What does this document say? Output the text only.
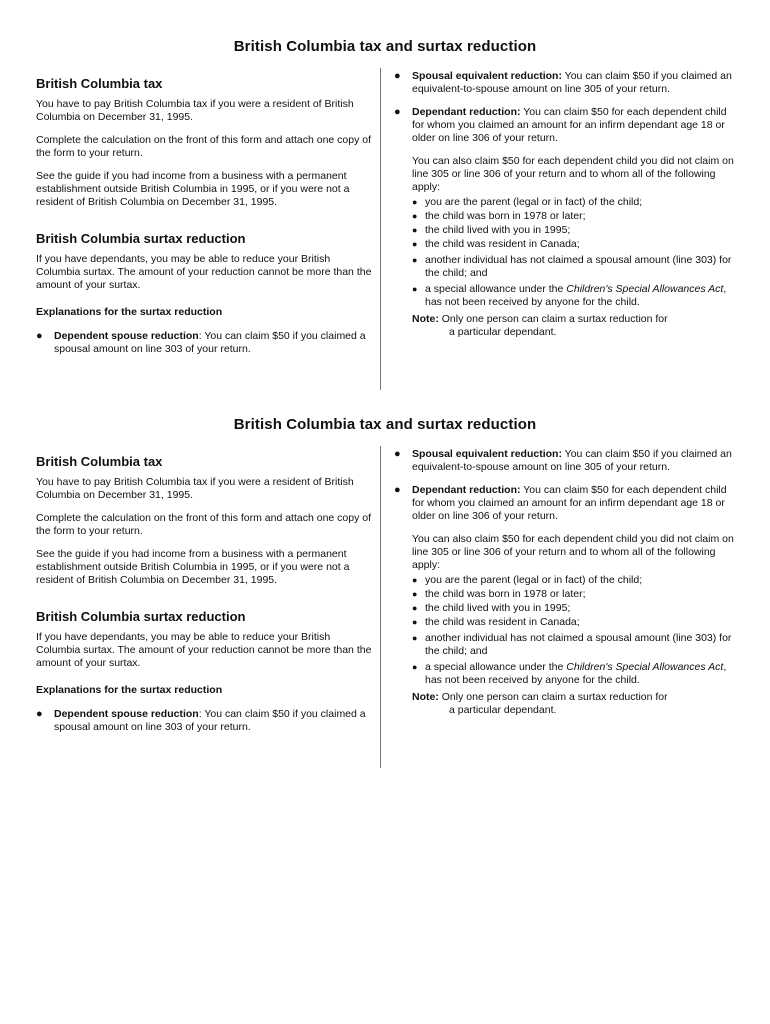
British Columbia tax and surtax reduction
British Columbia tax
You have to pay British Columbia tax if you were a resident of British Columbia on December 31, 1995.
Complete the calculation on the front of this form and attach one copy of the form to your return.
See the guide if you had income from a business with a permanent establishment outside British Columbia in 1995, or if you were not a resident of British Columbia on December 31, 1995.
British Columbia surtax reduction
If you have dependants, you may be able to reduce your British Columbia surtax. The amount of your reduction cannot be more than the amount of your surtax.
Explanations for the surtax reduction
● Dependent spouse reduction: You can claim $50 if you claimed a spousal amount on line 303 of your return.
● Spousal equivalent reduction: You can claim $50 if you claimed an equivalent-to-spouse amount on line 305 of your return.
● Dependant reduction: You can claim $50 for each dependent child for whom you claimed an amount for an infirm dependant age 18 or older on line 306 of your return.
You can also claim $50 for each dependent child you did not claim on line 305 or line 306 of your return and to whom all of the following apply:
● you are the parent (legal or in fact) of the child;
● the child was born in 1978 or later;
● the child lived with you in 1995;
● the child was resident in Canada;
● another individual has not claimed a spousal amount (line 303) for the child; and
● a special allowance under the Children's Special Allowances Act, has not been received by anyone for the child.
Note: Only one person can claim a surtax reduction for
a particular dependant.
British Columbia tax and surtax reduction
British Columbia tax
You have to pay British Columbia tax if you were a resident of British Columbia on December 31, 1995.
Complete the calculation on the front of this form and attach one copy of the form to your return.
See the guide if you had income from a business with a permanent establishment outside British Columbia in 1995, or if you were not a resident of British Columbia on December 31, 1995.
British Columbia surtax reduction
If you have dependants, you may be able to reduce your British Columbia surtax. The amount of your reduction cannot be more than the amount of your surtax.
Explanations for the surtax reduction
● Dependent spouse reduction: You can claim $50 if you claimed a spousal amount on line 303 of your return.
● Spousal equivalent reduction: You can claim $50 if you claimed an equivalent-to-spouse amount on line 305 of your return.
● Dependant reduction: You can claim $50 for each dependent child for whom you claimed an amount for an infirm dependant age 18 or older on line 306 of your return.
You can also claim $50 for each dependent child you did not claim on line 305 or line 306 of your return and to whom all of the following apply:
● you are the parent (legal or in fact) of the child;
● the child was born in 1978 or later;
● the child lived with you in 1995;
● the child was resident in Canada;
● another individual has not claimed a spousal amount (line 303) for the child; and
● a special allowance under the Children's Special Allowances Act, has not been received by anyone for the child.
Note: Only one person can claim a surtax reduction for
a particular dependant.
